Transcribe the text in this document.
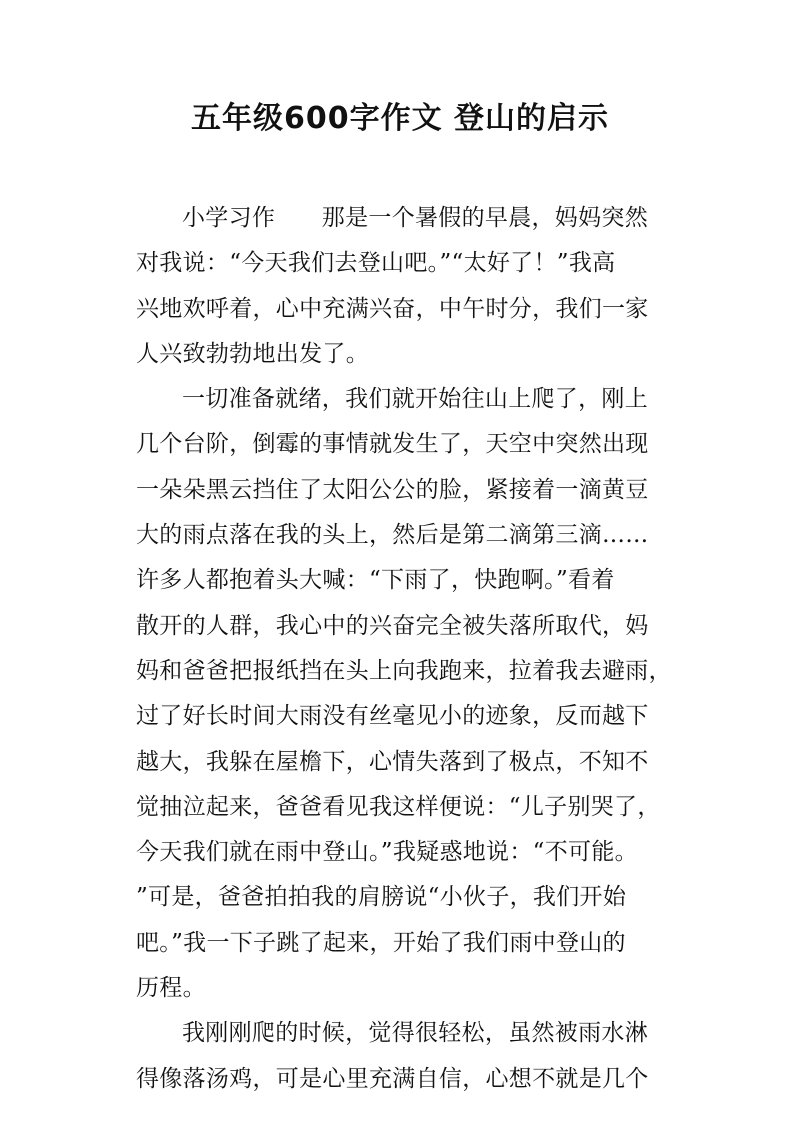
五年级600字作文 登山的启示
小学习作　　那是一个暑假的早晨，妈妈突然
对我说：“今天我们去登山吧。”“太好了！”我高
兴地欢呼着，心中充满兴奋，中午时分，我们一家
人兴致勃勃地出发了。
一切准备就绪，我们就开始往山上爬了，刚上
几个台阶，倒霉的事情就发生了，天空中突然出现
一朵朵黑云挡住了太阳公公的脸，紧接着一滴黄豆
大的雨点落在我的头上，然后是第二滴第三滴……
许多人都抱着头大喊：“下雨了，快跑啊。”看着
散开的人群，我心中的兴奋完全被失落所取代，妈
妈和爸爸把报纸挡在头上向我跑来，拉着我去避雨，
过了好长时间大雨没有丝毫见小的迹象，反而越下
越大，我躲在屋檐下，心情失落到了极点，不知不
觉抽泣起来，爸爸看见我这样便说：“儿子别哭了，
今天我们就在雨中登山。”我疑惑地说：“不可能。
”可是，爸爸拍拍我的肩膀说“小伙子，我们开始
吧。”我一下子跳了起来，开始了我们雨中登山的
历程。
我刚刚爬的时候，觉得很轻松，虽然被雨水淋
得像落汤鸡，可是心里充满自信，心想不就是几个
